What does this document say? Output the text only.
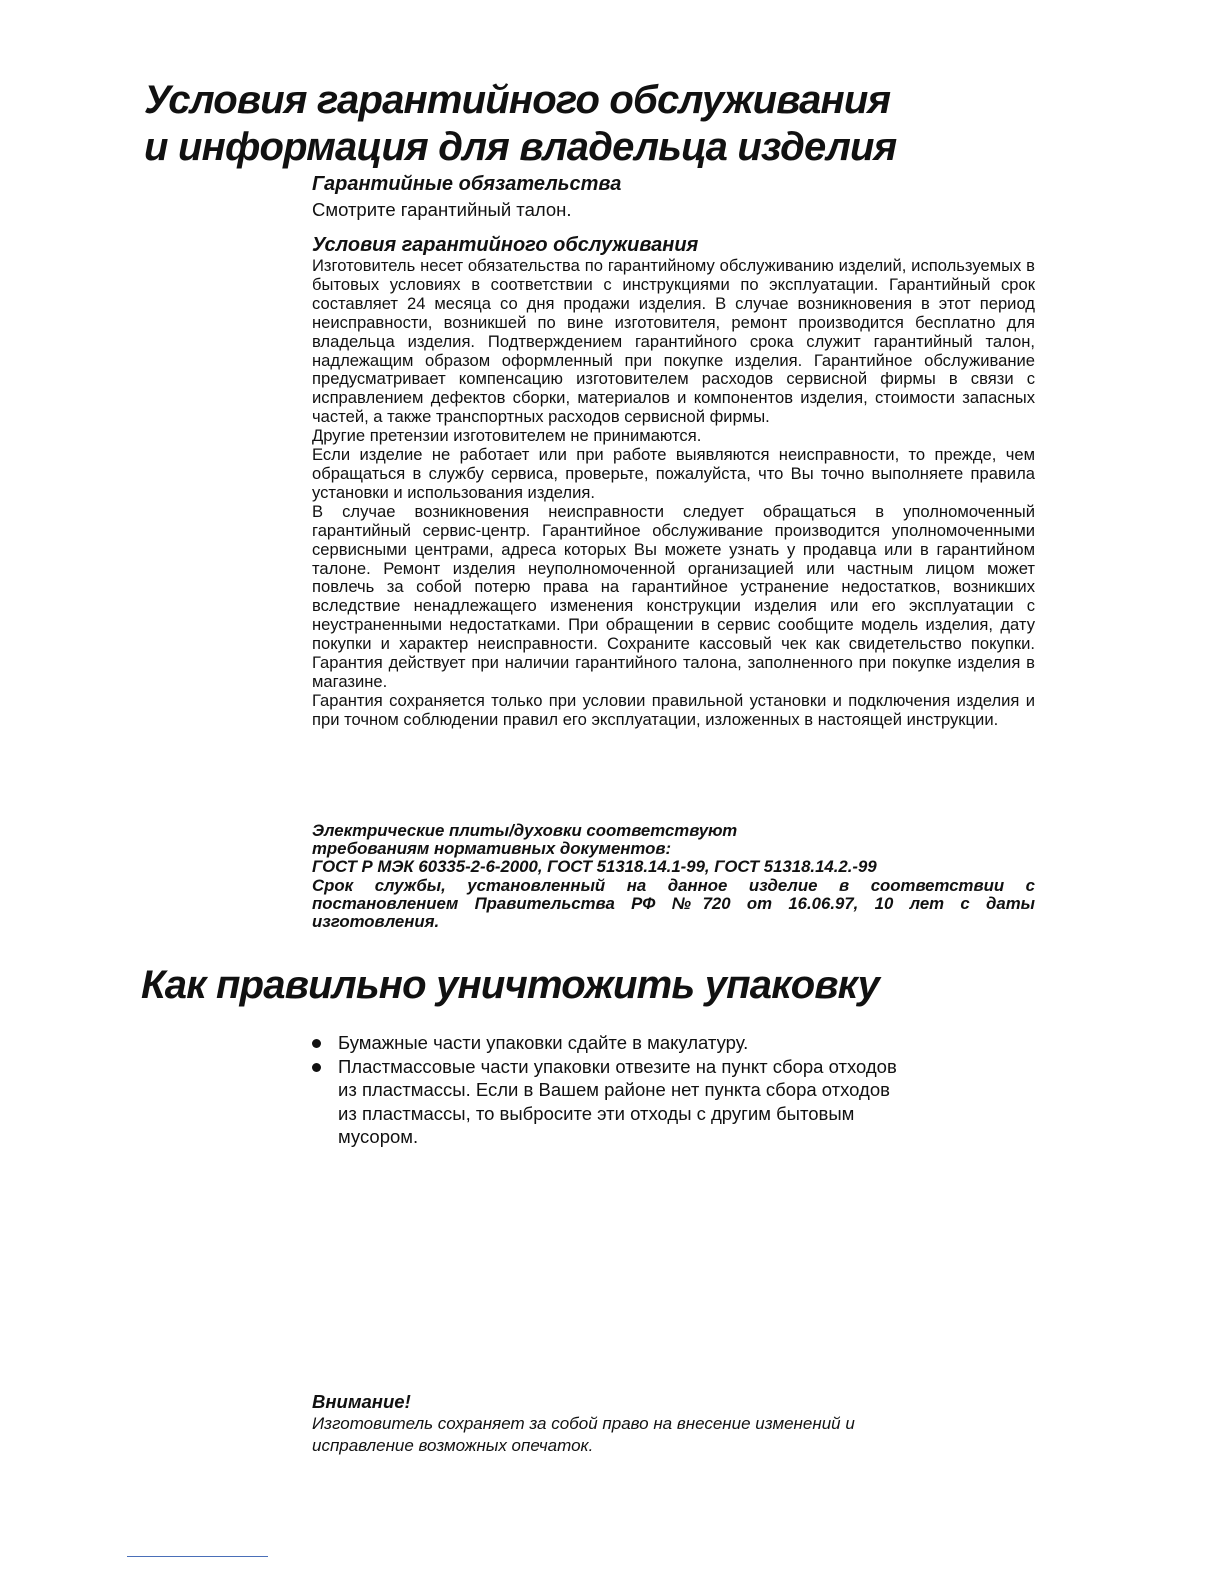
Условия гарантийного обслуживания
и информация для владельца изделия
Гарантийные обязательства

Смотрите гарантийный талон.

Условия гарантийного обслуживания

Изготовитель несет обязательства по гарантийному обслуживанию изделий, используемых в бытовых условиях в соответствии с инструкциями по эксплуатации. Гарантийный срок составляет 24 месяца со дня продажи изделия. В случае возникновения в этот период неисправности, возникшей по вине изготовителя, ремонт производится бесплатно для владельца изделия. Подтверждением гарантийного срока служит гарантийный талон, надлежащим образом оформленный при покупке изделия. Гарантийное обслуживание предусматривает компенсацию изготовителем расходов сервисной фирмы в связи с исправлением дефектов сборки, материалов и компонентов изделия, стоимости запасных частей, а также транспортных расходов сервисной фирмы.

Другие претензии изготовителем не принимаются.

Если изделие не работает или при работе выявляются неисправности, то прежде, чем обращаться в службу сервиса, проверьте, пожалуйста, что Вы точно выполняете правила установки и использования изделия.

В случае возникновения неисправности следует обращаться в уполномоченный гарантийный сервис-центр. Гарантийное обслуживание производится уполномоченными сервисными центрами, адреса которых Вы можете узнать у продавца или в гарантийном талоне. Ремонт изделия неуполномоченной организацией или частным лицом может повлечь за собой потерю права на гарантийное устранение недостатков, возникших вследствие ненадлежащего изменения конструкции изделия или его эксплуатации с неустраненными недостатками. При обращении в сервис сообщите модель изделия, дату покупки и характер неисправности. Сохраните кассовый чек как свидетельство покупки. Гарантия действует при наличии гарантийного талона, заполненного при покупке изделия в магазине.

Гарантия сохраняется только при условии правильной установки и подключения изделия и при точном соблюдении правил его эксплуатации, изложенных в настоящей инструкции.

Электрические плиты/духовки соответствуют

требованиям нормативных документов:

ГОСТ Р МЭК 60335-2-6-2000, ГОСТ 51318.14.1-99, ГОСТ 51318.14.2.-99

Срок службы, установленный на данное изделие в соответствии с постановлением Правительства РФ №720 от 16.06.97, 10 лет с даты изготовления.

Как правильно уничтожить упаковку
Бумажные части упаковки сдайте в макулатуру.
Пластмассовые части упаковки отвезите на пункт сбора отходов из пластмассы. Если в Вашем районе нет пункта сбора отходов из пластмассы, то выбросите эти отходы с другим бытовым мусором.
Внимание!

Изготовитель сохраняет за собой право на внесение изменений и исправление возможных опечаток.
